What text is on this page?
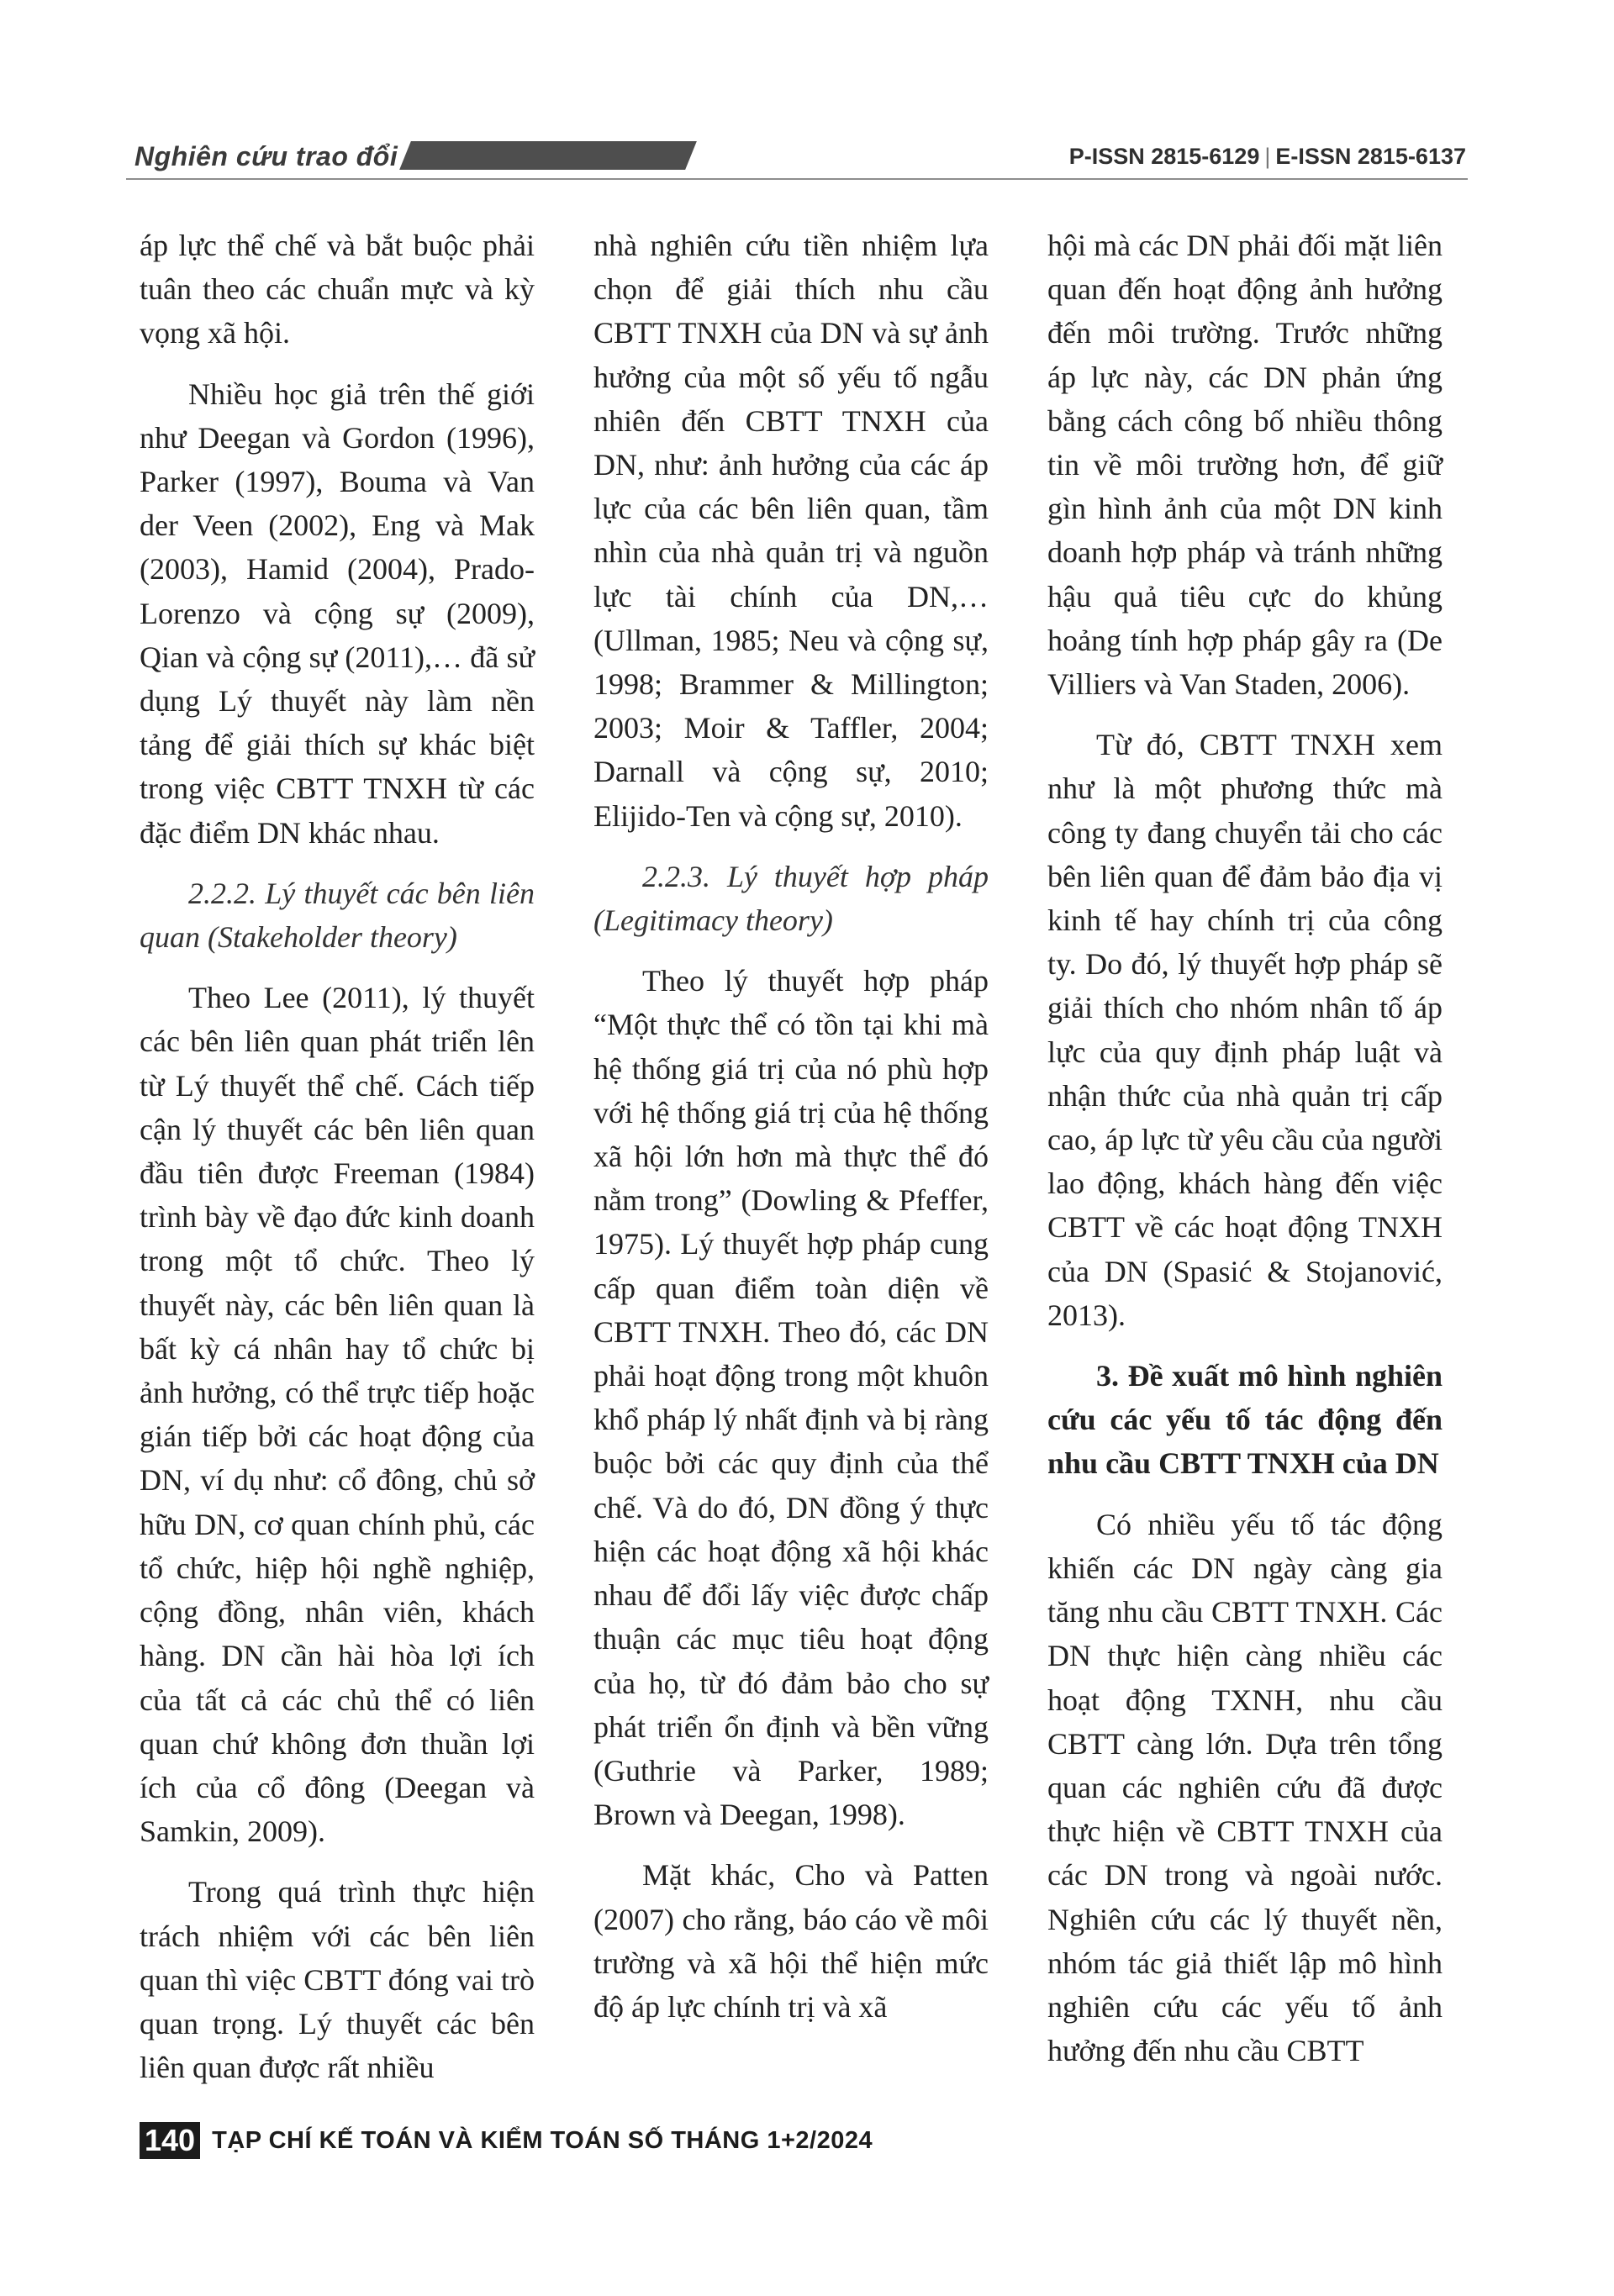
Nghiên cứu trao đổi	P-ISSN 2815-6129 | E-ISSN 2815-6137

áp lực thể chế và bắt buộc phải tuân theo các chuẩn mực và kỳ vọng xã hội.

Nhiều học giả trên thế giới như Deegan và Gordon (1996), Parker (1997), Bouma và Van der Veen (2002), Eng và Mak (2003), Hamid (2004), Prado-Lorenzo và cộng sự (2009), Qian và cộng sự (2011),… đã sử dụng Lý thuyết này làm nền tảng để giải thích sự khác biệt trong việc CBTT TNXH từ các đặc điểm DN khác nhau.

2.2.2. Lý thuyết các bên liên quan (Stakeholder theory)

Theo Lee (2011), lý thuyết các bên liên quan phát triển lên từ Lý thuyết thể chế. Cách tiếp cận lý thuyết các bên liên quan đầu tiên được Freeman (1984) trình bày về đạo đức kinh doanh trong một tổ chức. Theo lý thuyết này, các bên liên quan là bất kỳ cá nhân hay tổ chức bị ảnh hưởng, có thể trực tiếp hoặc gián tiếp bởi các hoạt động của DN, ví dụ như: cổ đông, chủ sở hữu DN, cơ quan chính phủ, các tổ chức, hiệp hội nghề nghiệp, cộng đồng, nhân viên, khách hàng. DN cần hài hòa lợi ích của tất cả các chủ thể có liên quan chứ không đơn thuần lợi ích của cổ đông (Deegan và Samkin, 2009).

Trong quá trình thực hiện trách nhiệm với các bên liên quan thì việc CBTT đóng vai trò quan trọng. Lý thuyết các bên liên quan được rất nhiều

nhà nghiên cứu tiền nhiệm lựa chọn để giải thích nhu cầu CBTT TNXH của DN và sự ảnh hưởng của một số yếu tố ngẫu nhiên đến CBTT TNXH của DN, như: ảnh hưởng của các áp lực của các bên liên quan, tầm nhìn của nhà quản trị và nguồn lực tài chính của DN,… (Ullman, 1985; Neu và cộng sự, 1998; Brammer & Millington; 2003; Moir & Taffler, 2004; Darnall và cộng sự, 2010; Elijido-Ten và cộng sự, 2010).

2.2.3. Lý thuyết hợp pháp (Legitimacy theory)

Theo lý thuyết hợp pháp “Một thực thể có tồn tại khi mà hệ thống giá trị của nó phù hợp với hệ thống giá trị của hệ thống xã hội lớn hơn mà thực thể đó nằm trong” (Dowling & Pfeffer, 1975). Lý thuyết hợp pháp cung cấp quan điểm toàn diện về CBTT TNXH. Theo đó, các DN phải hoạt động trong một khuôn khổ pháp lý nhất định và bị ràng buộc bởi các quy định của thể chế. Và do đó, DN đồng ý thực hiện các hoạt động xã hội khác nhau để đổi lấy việc được chấp thuận các mục tiêu hoạt động của họ, từ đó đảm bảo cho sự phát triển ổn định và bền vững (Guthrie và Parker, 1989; Brown và Deegan, 1998).

Mặt khác, Cho và Patten (2007) cho rằng, báo cáo về môi trường và xã hội thể hiện mức độ áp lực chính trị và xã

hội mà các DN phải đối mặt liên quan đến hoạt động ảnh hưởng đến môi trường. Trước những áp lực này, các DN phản ứng bằng cách công bố nhiều thông tin về môi trường hơn, để giữ gìn hình ảnh của một DN kinh doanh hợp pháp và tránh những hậu quả tiêu cực do khủng hoảng tính hợp pháp gây ra (De Villiers và Van Staden, 2006).

Từ đó, CBTT TNXH xem như là một phương thức mà công ty đang chuyển tải cho các bên liên quan để đảm bảo địa vị kinh tế hay chính trị của công ty. Do đó, lý thuyết hợp pháp sẽ giải thích cho nhóm nhân tố áp lực của quy định pháp luật và nhận thức của nhà quản trị cấp cao, áp lực từ yêu cầu của người lao động, khách hàng đến việc CBTT về các hoạt động TNXH của DN (Spasić & Stojanović, 2013).

3. Đề xuất mô hình nghiên cứu các yếu tố tác động đến nhu cầu CBTT TNXH của DN

Có nhiều yếu tố tác động khiến các DN ngày càng gia tăng nhu cầu CBTT TNXH. Các DN thực hiện càng nhiều các hoạt động TXNH, nhu cầu CBTT càng lớn. Dựa trên tổng quan các nghiên cứu đã được thực hiện về CBTT TNXH của các DN trong và ngoài nước. Nghiên cứu các lý thuyết nền, nhóm tác giả thiết lập mô hình nghiên cứu các yếu tố ảnh hưởng đến nhu cầu CBTT

140 TẠP CHÍ KẾ TOÁN VÀ KIỂM TOÁN SỐ THÁNG 1+2/2024
